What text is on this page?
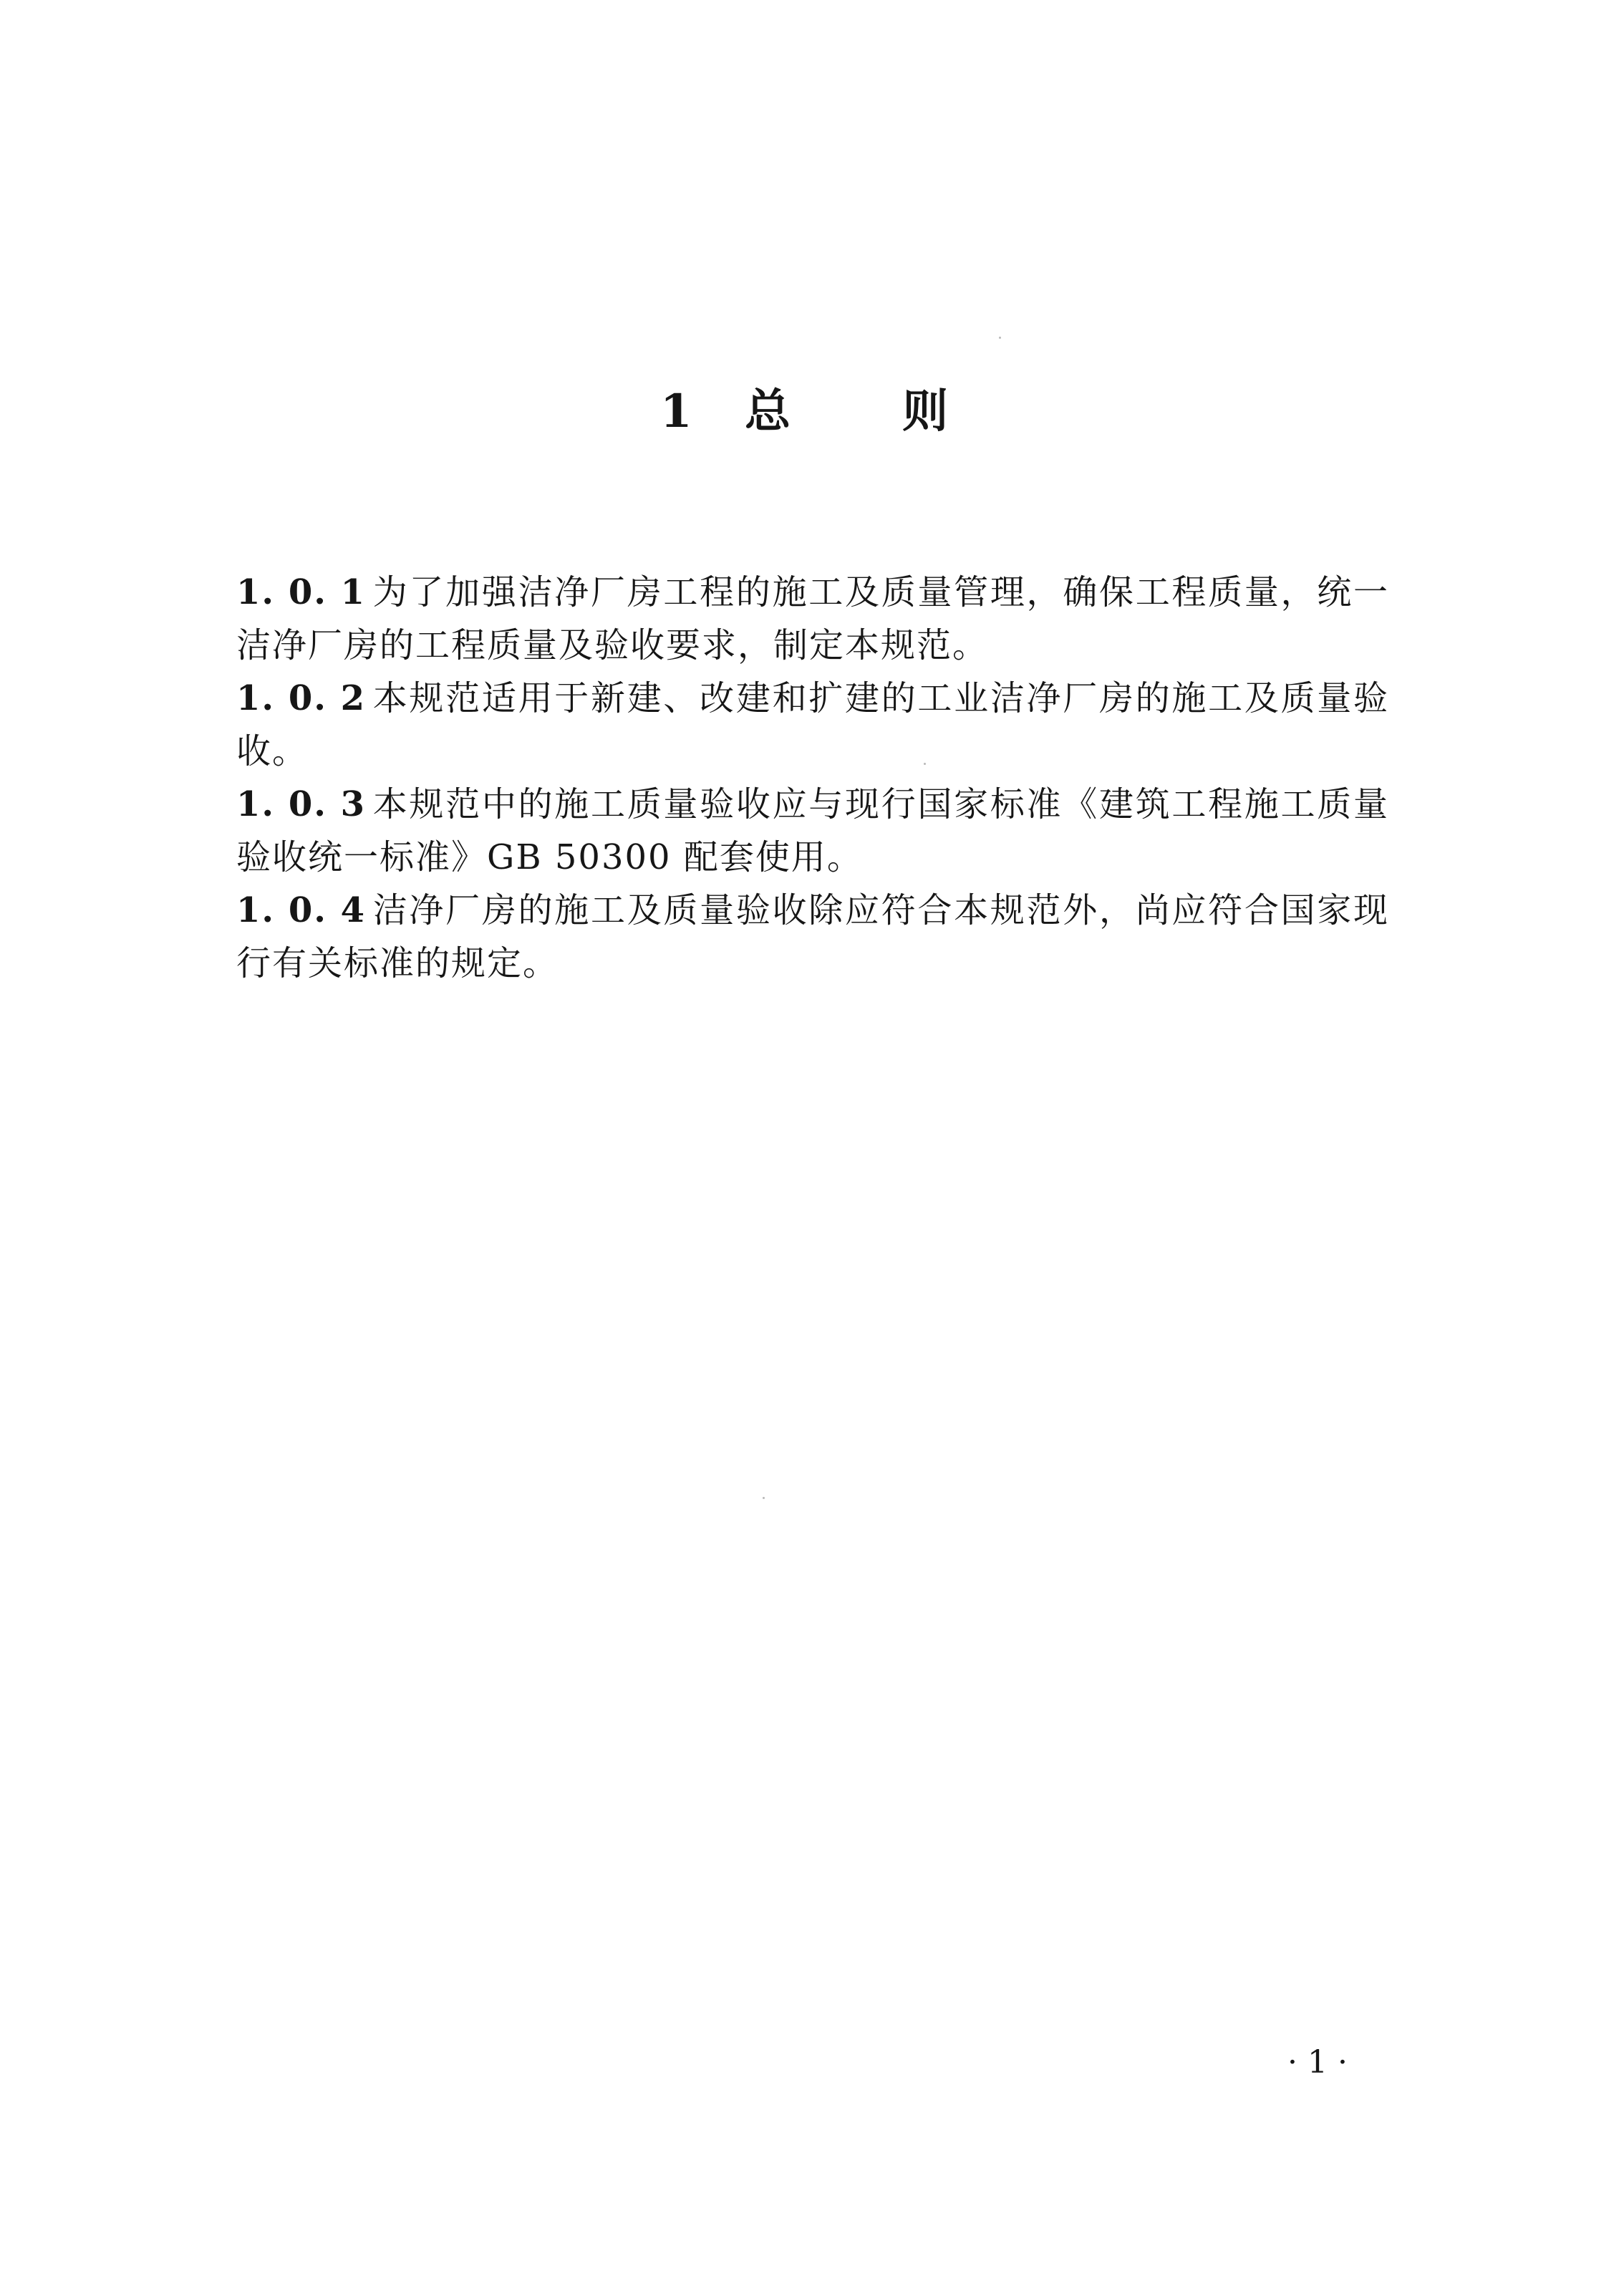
1 总 则
1. 0. 1 为了加强洁净厂房工程的施工及质量管理，确保工程质量，统一洁净厂房的工程质量及验收要求，制定本规范。
1. 0. 2 本规范适用于新建、改建和扩建的工业洁净厂房的施工及质量验收。
1. 0. 3 本规范中的施工质量验收应与现行国家标准《建筑工程施工质量验收统一标准》GB 50300 配套使用。
1. 0. 4 洁净厂房的施工及质量验收除应符合本规范外，尚应符合国家现行有关标准的规定。
· 1 ·
